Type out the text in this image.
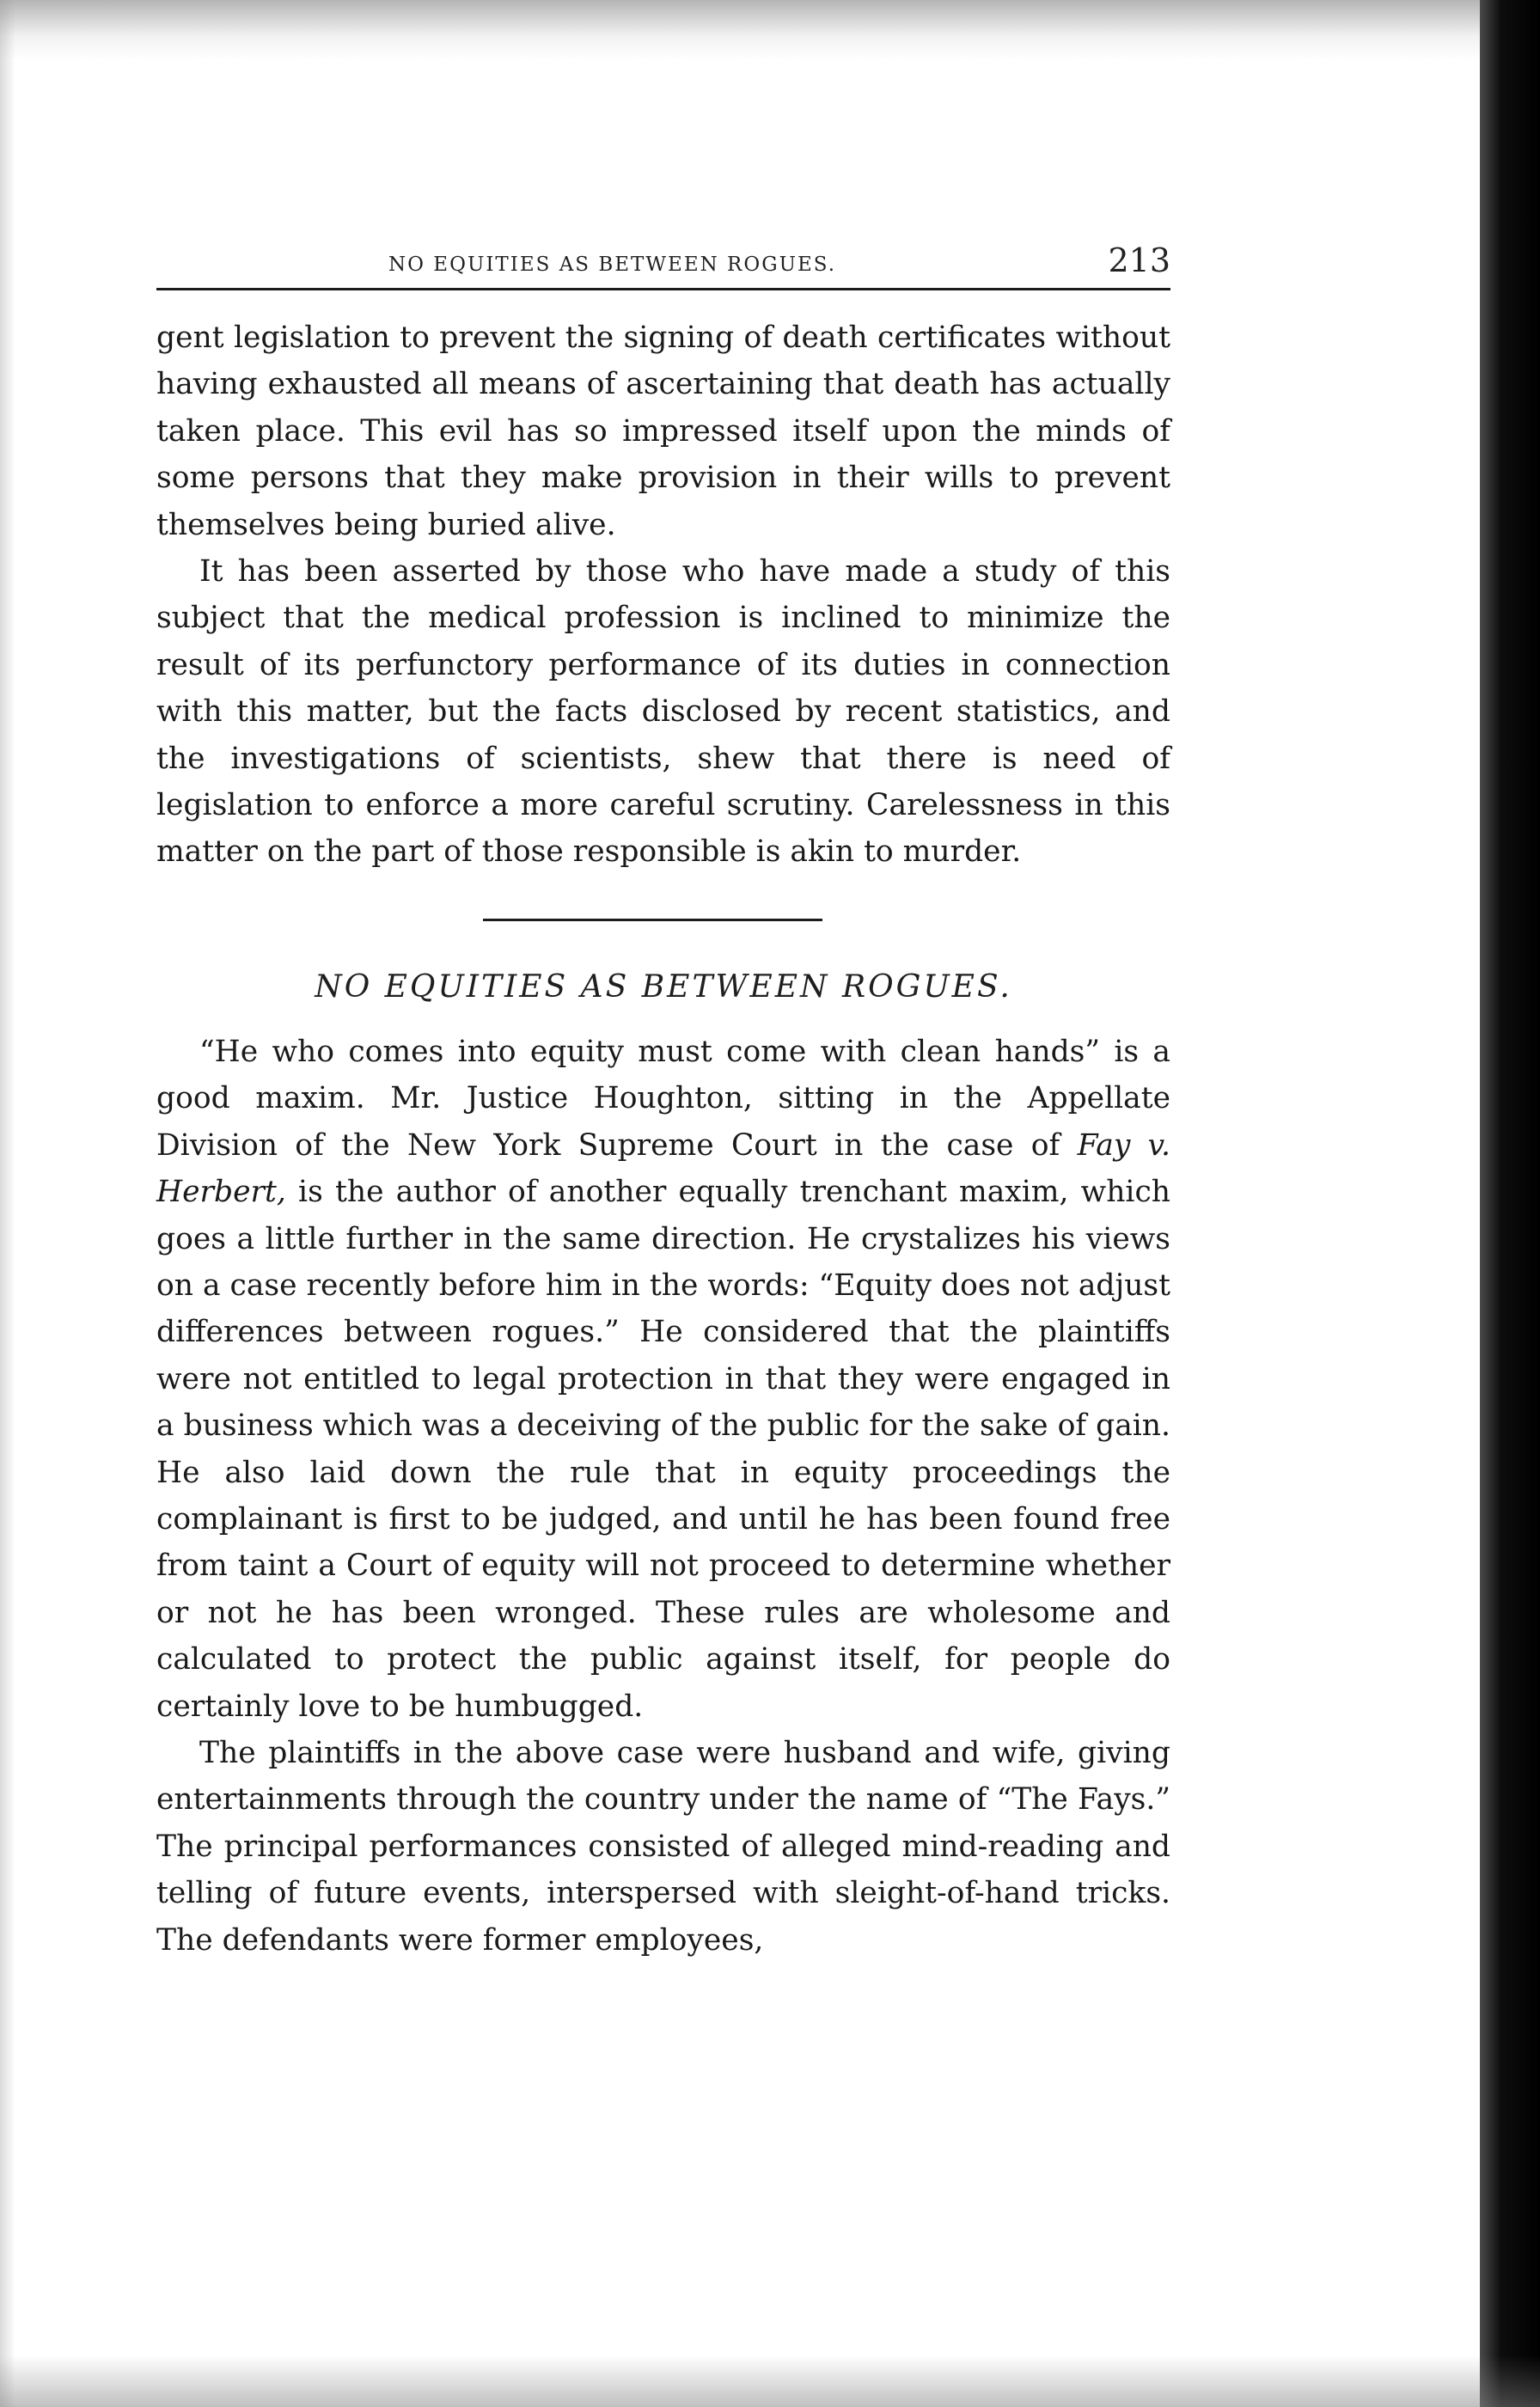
NO EQUITIES AS BETWEEN ROGUES.	213

gent legislation to prevent the signing of death certificates without having exhausted all means of ascertaining that death has actually taken place. This evil has so impressed itself upon the minds of some persons that they make provision in their wills to prevent themselves being buried alive.

It has been asserted by those who have made a study of this subject that the medical profession is inclined to minimize the result of its perfunctory performance of its duties in connection with this matter, but the facts disclosed by recent statistics, and the investigations of scientists, shew that there is need of legislation to enforce a more careful scrutiny. Carelessness in this matter on the part of those responsible is akin to murder.

NO EQUITIES AS BETWEEN ROGUES.

“He who comes into equity must come with clean hands” is a good maxim. Mr. Justice Houghton, sitting in the Appellate Division of the New York Supreme Court in the case of Fay v. Herbert, is the author of another equally trenchant maxim, which goes a little further in the same direction. He crystalizes his views on a case recently before him in the words: “Equity does not adjust differences between rogues.” He considered that the plaintiffs were not entitled to legal protection in that they were engaged in a business which was a deceiving of the public for the sake of gain. He also laid down the rule that in equity proceedings the complainant is first to be judged, and until he has been found free from taint a Court of equity will not proceed to determine whether or not he has been wronged. These rules are wholesome and calculated to protect the public against itself, for people do certainly love to be humbugged.

The plaintiffs in the above case were husband and wife, giving entertainments through the country under the name of “The Fays.” The principal performances consisted of alleged mind-reading and telling of future events, interspersed with sleight-of-hand tricks. The defendants were former employees,
